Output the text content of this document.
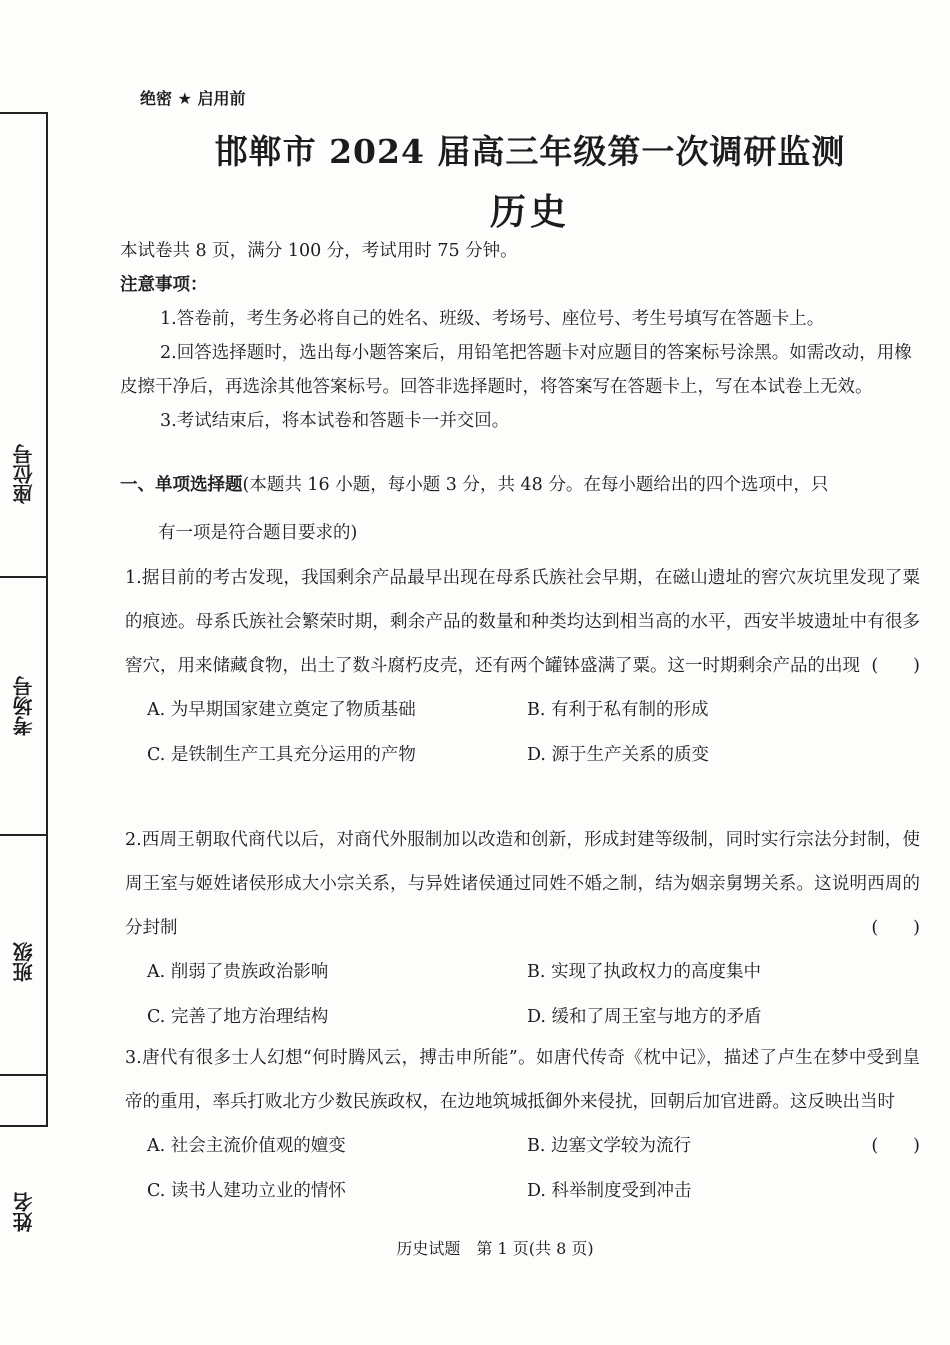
座位号
考场号
班级
姓名
绝密 ★ 启用前
邯郸市 2024 届高三年级第一次调研监测
历史

本试卷共 8 页，满分 100 分，考试用时 75 分钟。

注意事项：

1.答卷前，考生务必将自己的姓名、班级、考场号、座位号、考生号填写在答题卡上。

2.回答选择题时，选出每小题答案后，用铅笔把答题卡对应题目的答案标号涂黑。如需改动，用橡皮擦干净后，再选涂其他答案标号。回答非选择题时，将答案写在答题卡上，写在本试卷上无效。

3.考试结束后，将本试卷和答题卡一并交回。

一、单项选择题(本题共 16 小题，每小题 3 分，共 48 分。在每小题给出的四个选项中，只
有一项是符合题目要求的)
1.据目前的考古发现，我国剩余产品最早出现在母系氏族社会早期，在磁山遗址的窖穴灰坑里发现了粟的痕迹。母系氏族社会繁荣时期，剩余产品的数量和种类均达到相当高的水平，西安半坡遗址中有很多窖穴，用来储藏食物，出土了数斗腐朽皮壳，还有两个罐钵盛满了粟。这一时期剩余产品的出现 (　　)
A. 为早期国家建立奠定了物质基础	B. 有利于私有制的形成
C. 是铁制生产工具充分运用的产物	D. 源于生产关系的质变
2.西周王朝取代商代以后，对商代外服制加以改造和创新，形成封建等级制，同时实行宗法分封制，使周王室与姬姓诸侯形成大小宗关系，与异姓诸侯通过同姓不婚之制，结为姻亲舅甥关系。这说明西周的分封制	(　　)
A. 削弱了贵族政治影响	B. 实现了执政权力的高度集中
C. 完善了地方治理结构	D. 缓和了周王室与地方的矛盾
3.唐代有很多士人幻想“何时腾风云，搏击申所能”。如唐代传奇《枕中记》，描述了卢生在梦中受到皇帝的重用，率兵打败北方少数民族政权，在边地筑城抵御外来侵扰，回朝后加官进爵。这反映出当时
(　　)
A. 社会主流价值观的嬗变	B. 边塞文学较为流行
C. 读书人建功立业的情怀	D. 科举制度受到冲击
历史试题　第 1 页(共 8 页)
